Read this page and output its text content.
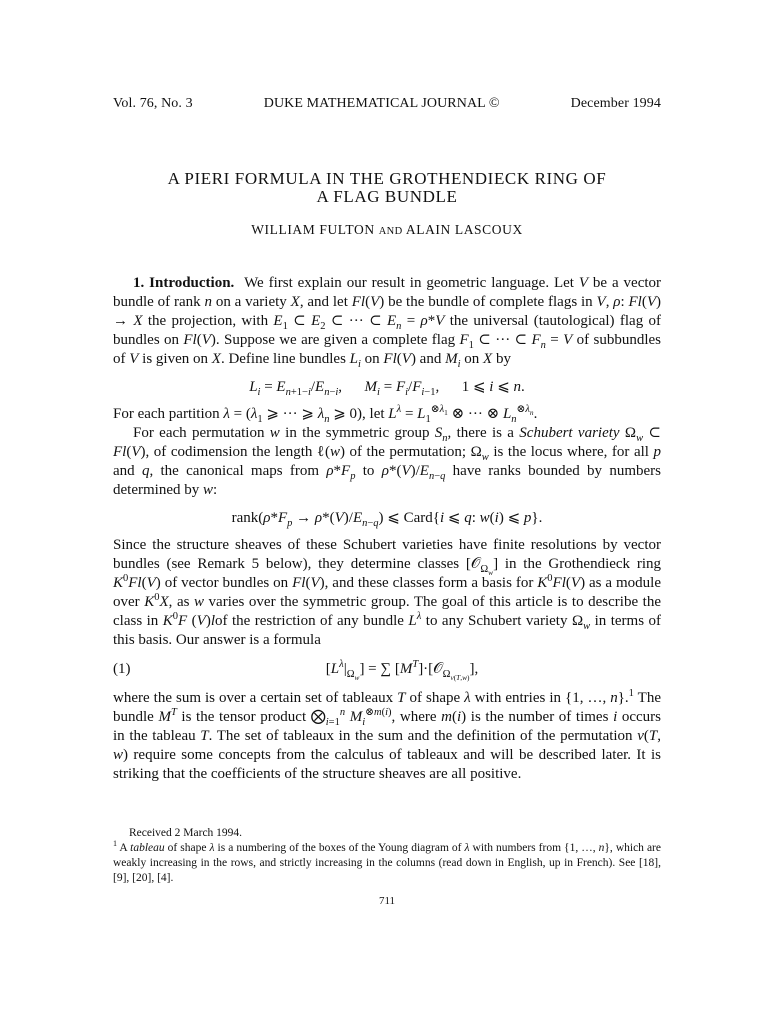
Vol. 76, No. 3	DUKE MATHEMATICAL JOURNAL ©	December 1994
A PIERI FORMULA IN THE GROTHENDIECK RING OF
A FLAG BUNDLE
WILLIAM FULTON AND ALAIN LASCOUX

1. Introduction.  We first explain our result in geometric language. Let V be a vector bundle of rank n on a variety X, and let Fl(V) be the bundle of complete flags in V, ρ: Fl(V) → X the projection, with $E_1$ ⊂ $E_2$ ⊂ ··· ⊂ $E_n = \rho*V$ the universal (tautological) flag of bundles on Fl(V). Suppose we are given a complete flag $F_1$ ⊂ ··· ⊂ $F_n = V$ of subbundles of V is given on X. Define line bundles $L_i$ on Fl(V) and $M_i$ on X by

$L_i = E_{n+1-i}/E_{n-i}$,      $M_i = F_i/F_{i-1}$,      1 ⩽ i ⩽ n.

For each partition $\lambda = (\lambda_1$ ⩾ ··· ⩾ $\lambda_n$ ⩾ 0), let $L^\lambda = L_1^{\otimes\lambda_1}$ ⊗ ··· ⊗ $L_n^{\otimes\lambda_n}$.

For each permutation w in the symmetric group $S_n$, there is a Schubert variety $\Omega_w$ ⊂ Fl(V), of codimension the length ℓ(w) of the permutation; $\Omega_w$ is the locus where, for all p and q, the canonical maps from $\rho*F_p$ to $\rho*(V)/E_{n-q}$ have ranks bounded by numbers determined by w:

$rank(\rho*F_p \to \rho*(V)/E_{n-q})$ ⩽ Card{i ⩽ q: w(i) ⩽ p}.

Since the structure sheaves of these Schubert varieties have finite resolutions by vector bundles (see Remark 5 below), they determine classes [𝒪$_{\Omega_w}$] in the Grothendieck ring $K^0Fl(V)$ of vector bundles on Fl(V), and these classes form a basis for $K^0Fl(V)$ as a module over $K^0X$, as w varies over the symmetric group. The goal of this article is to describe the class in $K^0F$ (V)lof the restriction of any bundle $L^\lambda$ to any Schubert variety $\Omega_w$ in terms of this basis. Our answer is a formula

(1)	$[L^\lambda|_{\Omega_w}]$ = ∑ $[M^T]\cdot[𝒪_{\Omega_{v(T,w)}}]$,

where the sum is over a certain set of tableaux T of shape λ with entries in {1, …, n}.$^1$ The bundle $M^T$ is the tensor product $⨂_{i=1}^n$ $M_i^{\otimes m(i)}$, where m(i) is the number of times i occurs in the tableau T. The set of tableaux in the sum and the definition of the permutation v(T, w) require some concepts from the calculus of tableaux and will be described later. It is striking that the coefficients of the structure sheaves are all positive.

Received 2 March 1994.

$^1$ A tableau of shape λ is a numbering of the boxes of the Young diagram of λ with numbers from {1, …, n}, which are weakly increasing in the rows, and strictly increasing in the columns (read down in English, up in French). See [18], [9], [20], [4].

711
